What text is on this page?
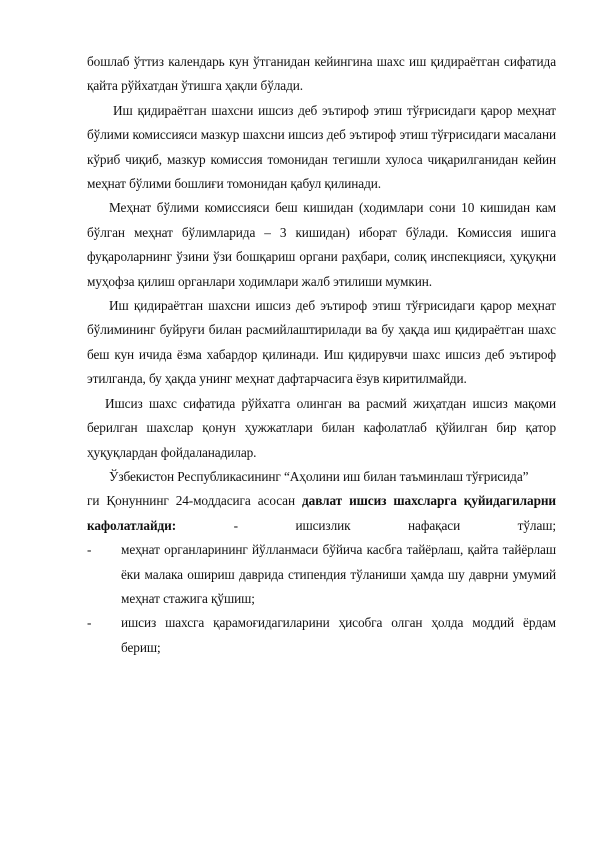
бошлаб ўттиз календарь кун ўтганидан кейингина шахс иш қидираётган сифатида қайта рўйхатдан ўтишга ҳақли бўлади.

Иш қидираётган шахсни ишсиз деб эътироф этиш тўғрисидаги қарор меҳнат бўлими комиссияси мазкур шахсни ишсиз деб эътироф этиш тўғрисидаги масалани кўриб чиқиб, мазкур комиссия томонидан тегишли хулоса чиқарилганидан кейин меҳнат бўлими бошлиғи томонидан қабул қилинади.

Меҳнат бўлими комиссияси беш кишидан (ходимлари сони 10 кишидан кам бўлган меҳнат бўлимларида – 3 кишидан) иборат бўлади. Комиссия ишига фуқароларнинг ўзини ўзи бошқариш органи раҳбари, солиқ инспекцияси, ҳуқуқни муҳофза қилиш органлари ходимлари жалб этилиши мумкин.

Иш қидираётган шахсни ишсиз деб эътироф этиш тўғрисидаги қарор меҳнат бўлимининг буйруғи билан расмийлаштирилади ва бу ҳақда иш қидираётган шахс беш кун ичида ёзма хабардор қилинади. Иш қидирувчи шахс ишсиз деб эътироф этилганда, бу ҳақда унинг меҳнат дафтарчасига ёзув киритилмайди.

Ишсиз шахс сифатида рўйхатга олинган ва расмий жиҳатдан ишсиз мақоми берилган шахслар қонун ҳужжатлари билан кафолатлаб қўйилган бир қатор ҳуқуқлардан фойдаланадилар.

Ўзбекистон Республикасининг “Аҳолини иш билан таъминлаш тўғрисида”

ги Қонуннинг 24-моддасига асосан давлат ишсиз шахсларга қуйидагиларни кафолатлайди: - ишсизлик нафақаси тўлаш;

-	меҳнат органларининг йўлланмаси бўйича касбга тайёрлаш, қайта тайёрлаш ёки малака ошириш даврида стипендия тўланиши ҳамда шу даврни умумий меҳнат стажига қўшиш;
-	ишсиз шахсга қарамоғидагиларини ҳисобга олган ҳолда моддий ёрдам бериш;
